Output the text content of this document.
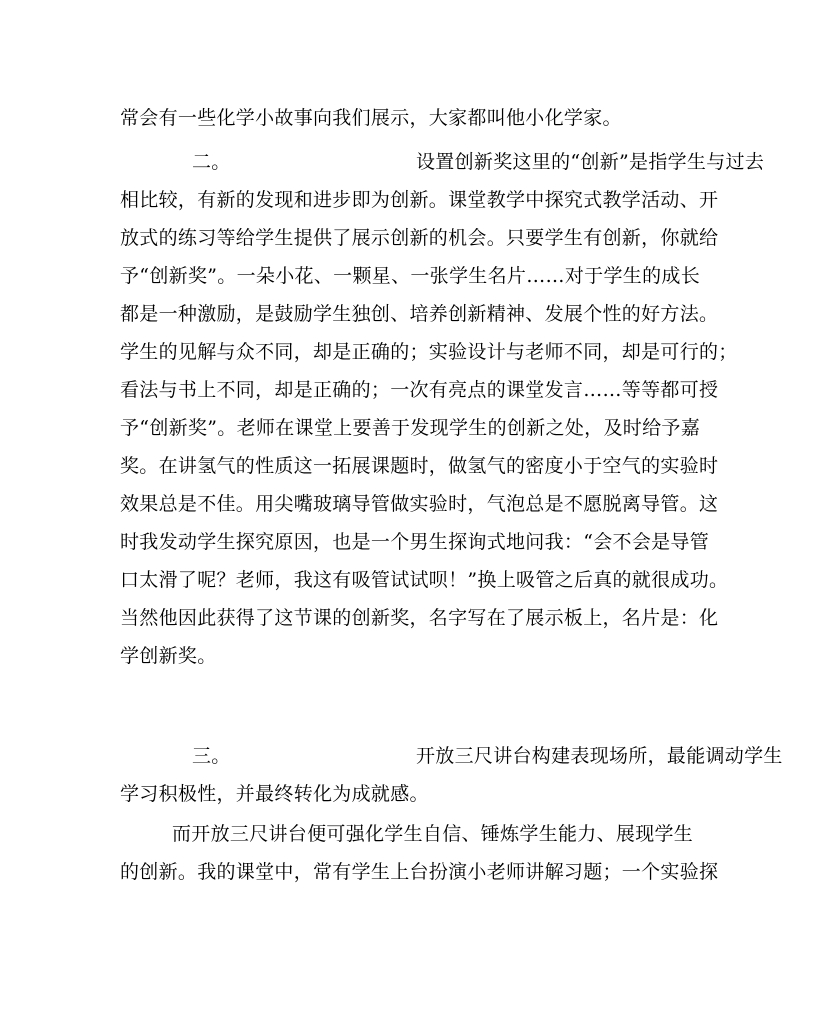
常会有一些化学小故事向我们展示，大家都叫他小化学家。
二。	设置创新奖这里的“创新”是指学生与过去
相比较，有新的发现和进步即为创新。课堂教学中探究式教学活动、开
放式的练习等给学生提供了展示创新的机会。只要学生有创新，你就给
予“创新奖”。一朵小花、一颗星、一张学生名片……对于学生的成长
都是一种激励，是鼓励学生独创、培养创新精神、发展个性的好方法。
学生的见解与众不同，却是正确的；实验设计与老师不同，却是可行的；
看法与书上不同，却是正确的；一次有亮点的课堂发言……等等都可授
予“创新奖”。老师在课堂上要善于发现学生的创新之处，及时给予嘉
奖。在讲氢气的性质这一拓展课题时，做氢气的密度小于空气的实验时
效果总是不佳。用尖嘴玻璃导管做实验时，气泡总是不愿脱离导管。这
时我发动学生探究原因，也是一个男生探询式地问我：“会不会是导管
口太滑了呢？老师，我这有吸管试试呗！”换上吸管之后真的就很成功。
当然他因此获得了这节课的创新奖，名字写在了展示板上，名片是：化
学创新奖。
三。	开放三尺讲台构建表现场所，最能调动学生
学习积极性，并最终转化为成就感。
而开放三尺讲台便可强化学生自信、锤炼学生能力、展现学生
的创新。我的课堂中，常有学生上台扮演小老师讲解习题；一个实验探
